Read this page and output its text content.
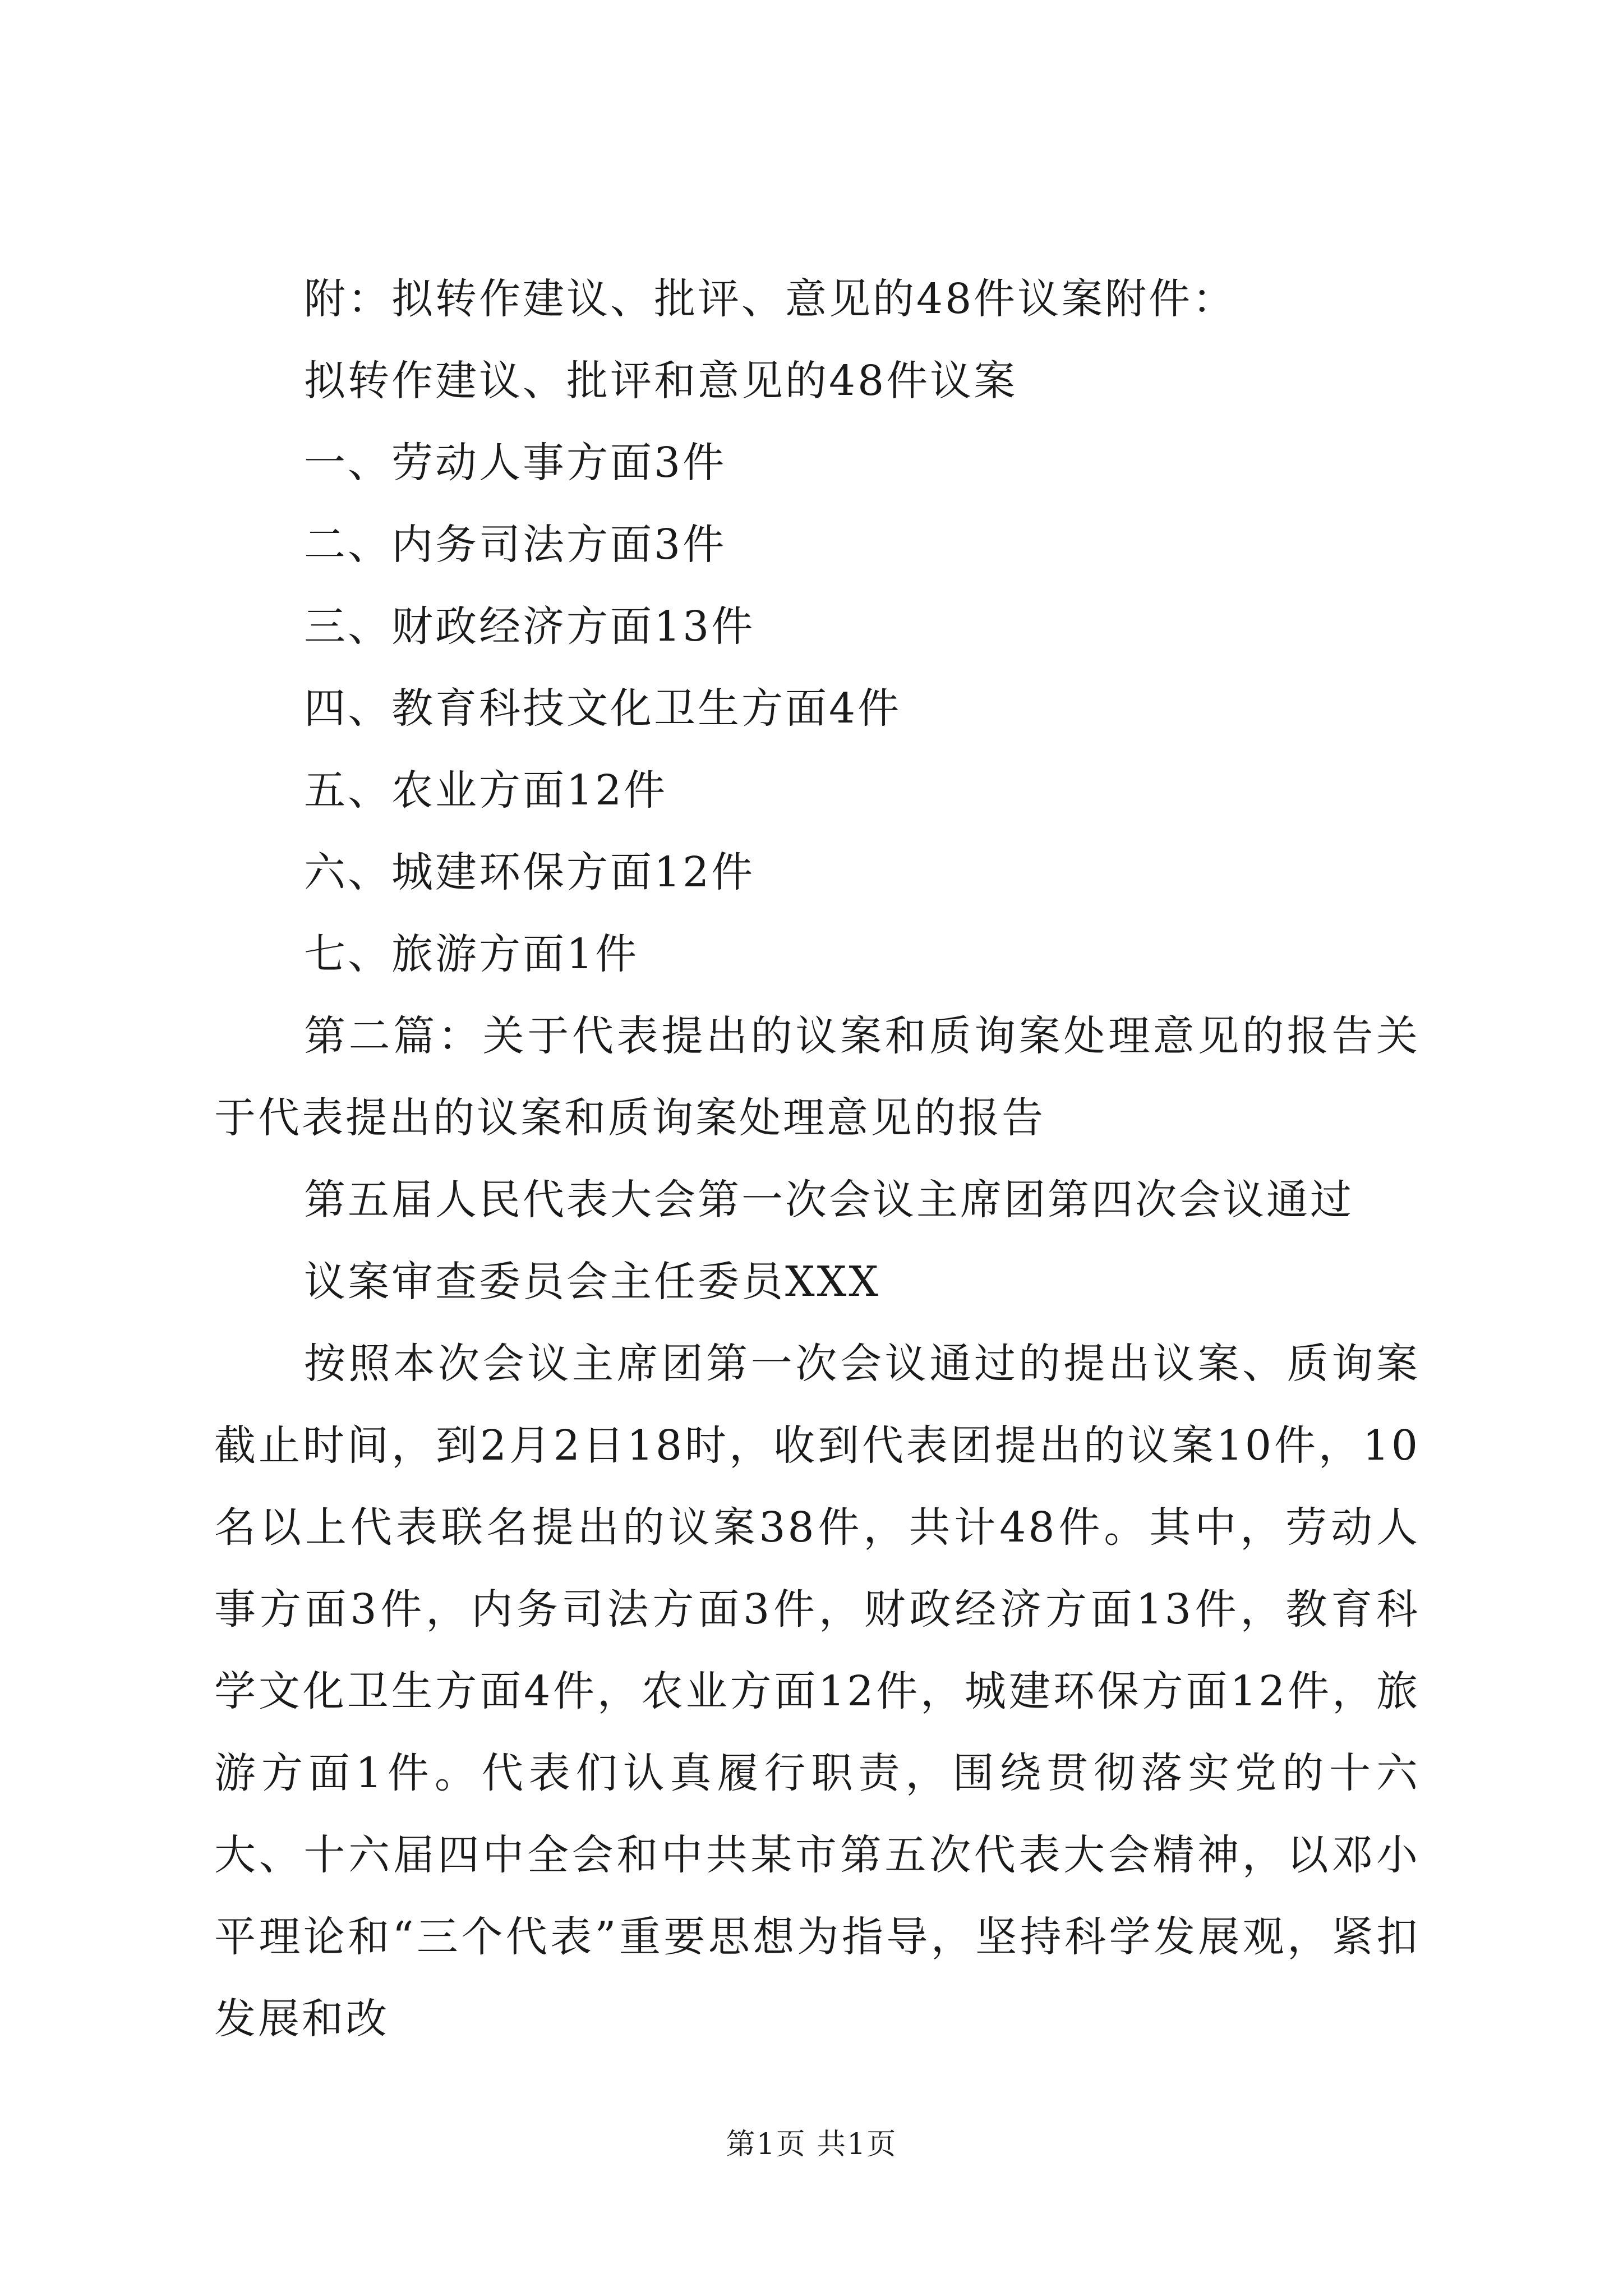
附：拟转作建议、批评、意见的48件议案附件：
拟转作建议、批评和意见的48件议案
一、劳动人事方面3件
二、内务司法方面3件
三、财政经济方面13件
四、教育科技文化卫生方面4件
五、农业方面12件
六、城建环保方面12件
七、旅游方面1件

第二篇：关于代表提出的议案和质询案处理意见的报告关于代表提出的议案和质询案处理意见的报告

第五届人民代表大会第一次会议主席团第四次会议通过
议案审查委员会主任委员XXX

按照本次会议主席团第一次会议通过的提出议案、质询案截止时间，到2月2日18时，收到代表团提出的议案10件，10名以上代表联名提出的议案38件，共计48件。其中，劳动人事方面3件，内务司法方面3件，财政经济方面13件，教育科学文化卫生方面4件，农业方面12件，城建环保方面12件，旅游方面1件。代表们认真履行职责，围绕贯彻落实党的十六大、十六届四中全会和中共某市第五次代表大会精神，以邓小平理论和“三个代表”重要思想为指导，坚持科学发展观，紧扣发展和改

第1页 共1页
